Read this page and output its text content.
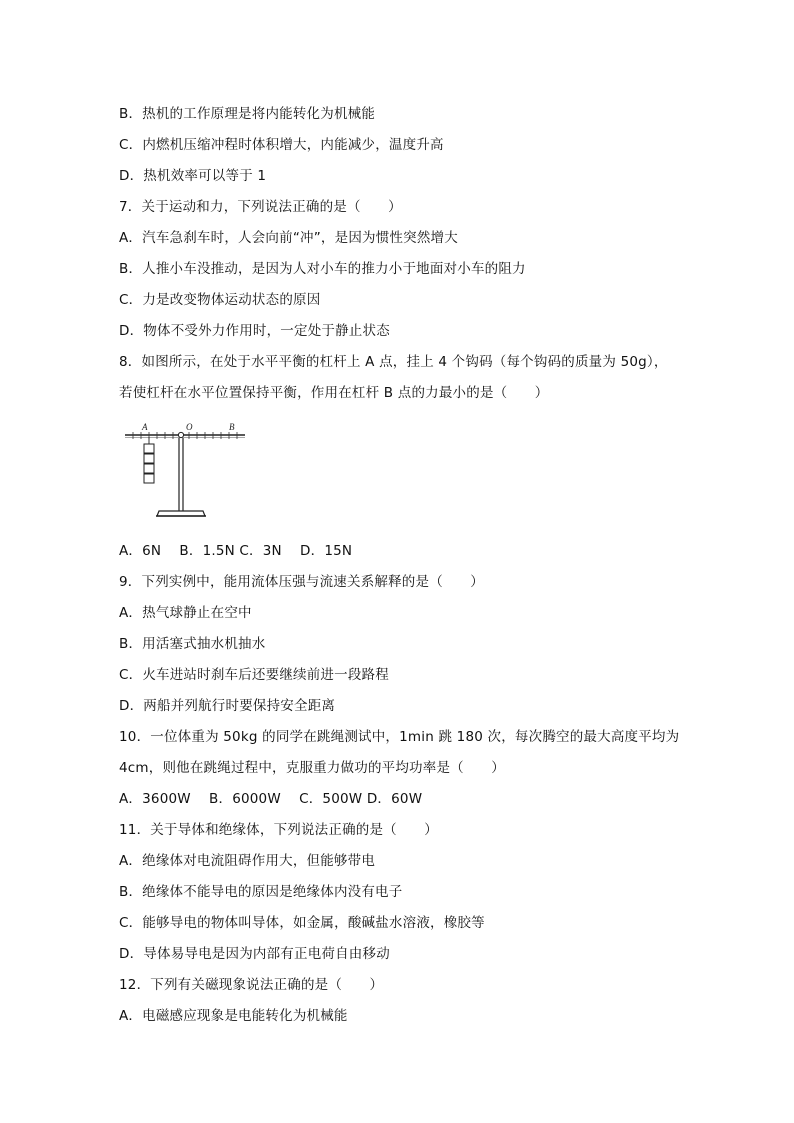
B．热机的工作原理是将内能转化为机械能
C．内燃机压缩冲程时体积增大，内能减少，温度升高
D．热机效率可以等于 1
7．关于运动和力，下列说法正确的是（　　）
A．汽车急刹车时，人会向前“冲”，是因为惯性突然增大
B．人推小车没推动，是因为人对小车的推力小于地面对小车的阻力
C．力是改变物体运动状态的原因
D．物体不受外力作用时，一定处于静止状态
8．如图所示，在处于水平平衡的杠杆上 A 点，挂上 4 个钩码（每个钩码的质量为 50g），
若使杠杆在水平位置保持平衡，作用在杠杆 B 点的力最小的是（　　）
A	O	B
A．6N　 B．1.5N C．3N　 D．15N
9．下列实例中，能用流体压强与流速关系解释的是（　　）
A．热气球静止在空中
B．用活塞式抽水机抽水
C．火车进站时刹车后还要继续前进一段路程
D．两船并列航行时要保持安全距离
10．一位体重为 50kg 的同学在跳绳测试中，1min 跳 180 次，每次腾空的最大高度平均为
4cm，则他在跳绳过程中，克服重力做功的平均功率是（　　）
A．3600W　 B．6000W　 C．500W D．60W
11．关于导体和绝缘体，下列说法正确的是（　　）
A．绝缘体对电流阻碍作用大，但能够带电
B．绝缘体不能导电的原因是绝缘体内没有电子
C．能够导电的物体叫导体，如金属，酸碱盐水溶液，橡胶等
D．导体易导电是因为内部有正电荷自由移动
12．下列有关磁现象说法正确的是（　　）
A．电磁感应现象是电能转化为机械能
